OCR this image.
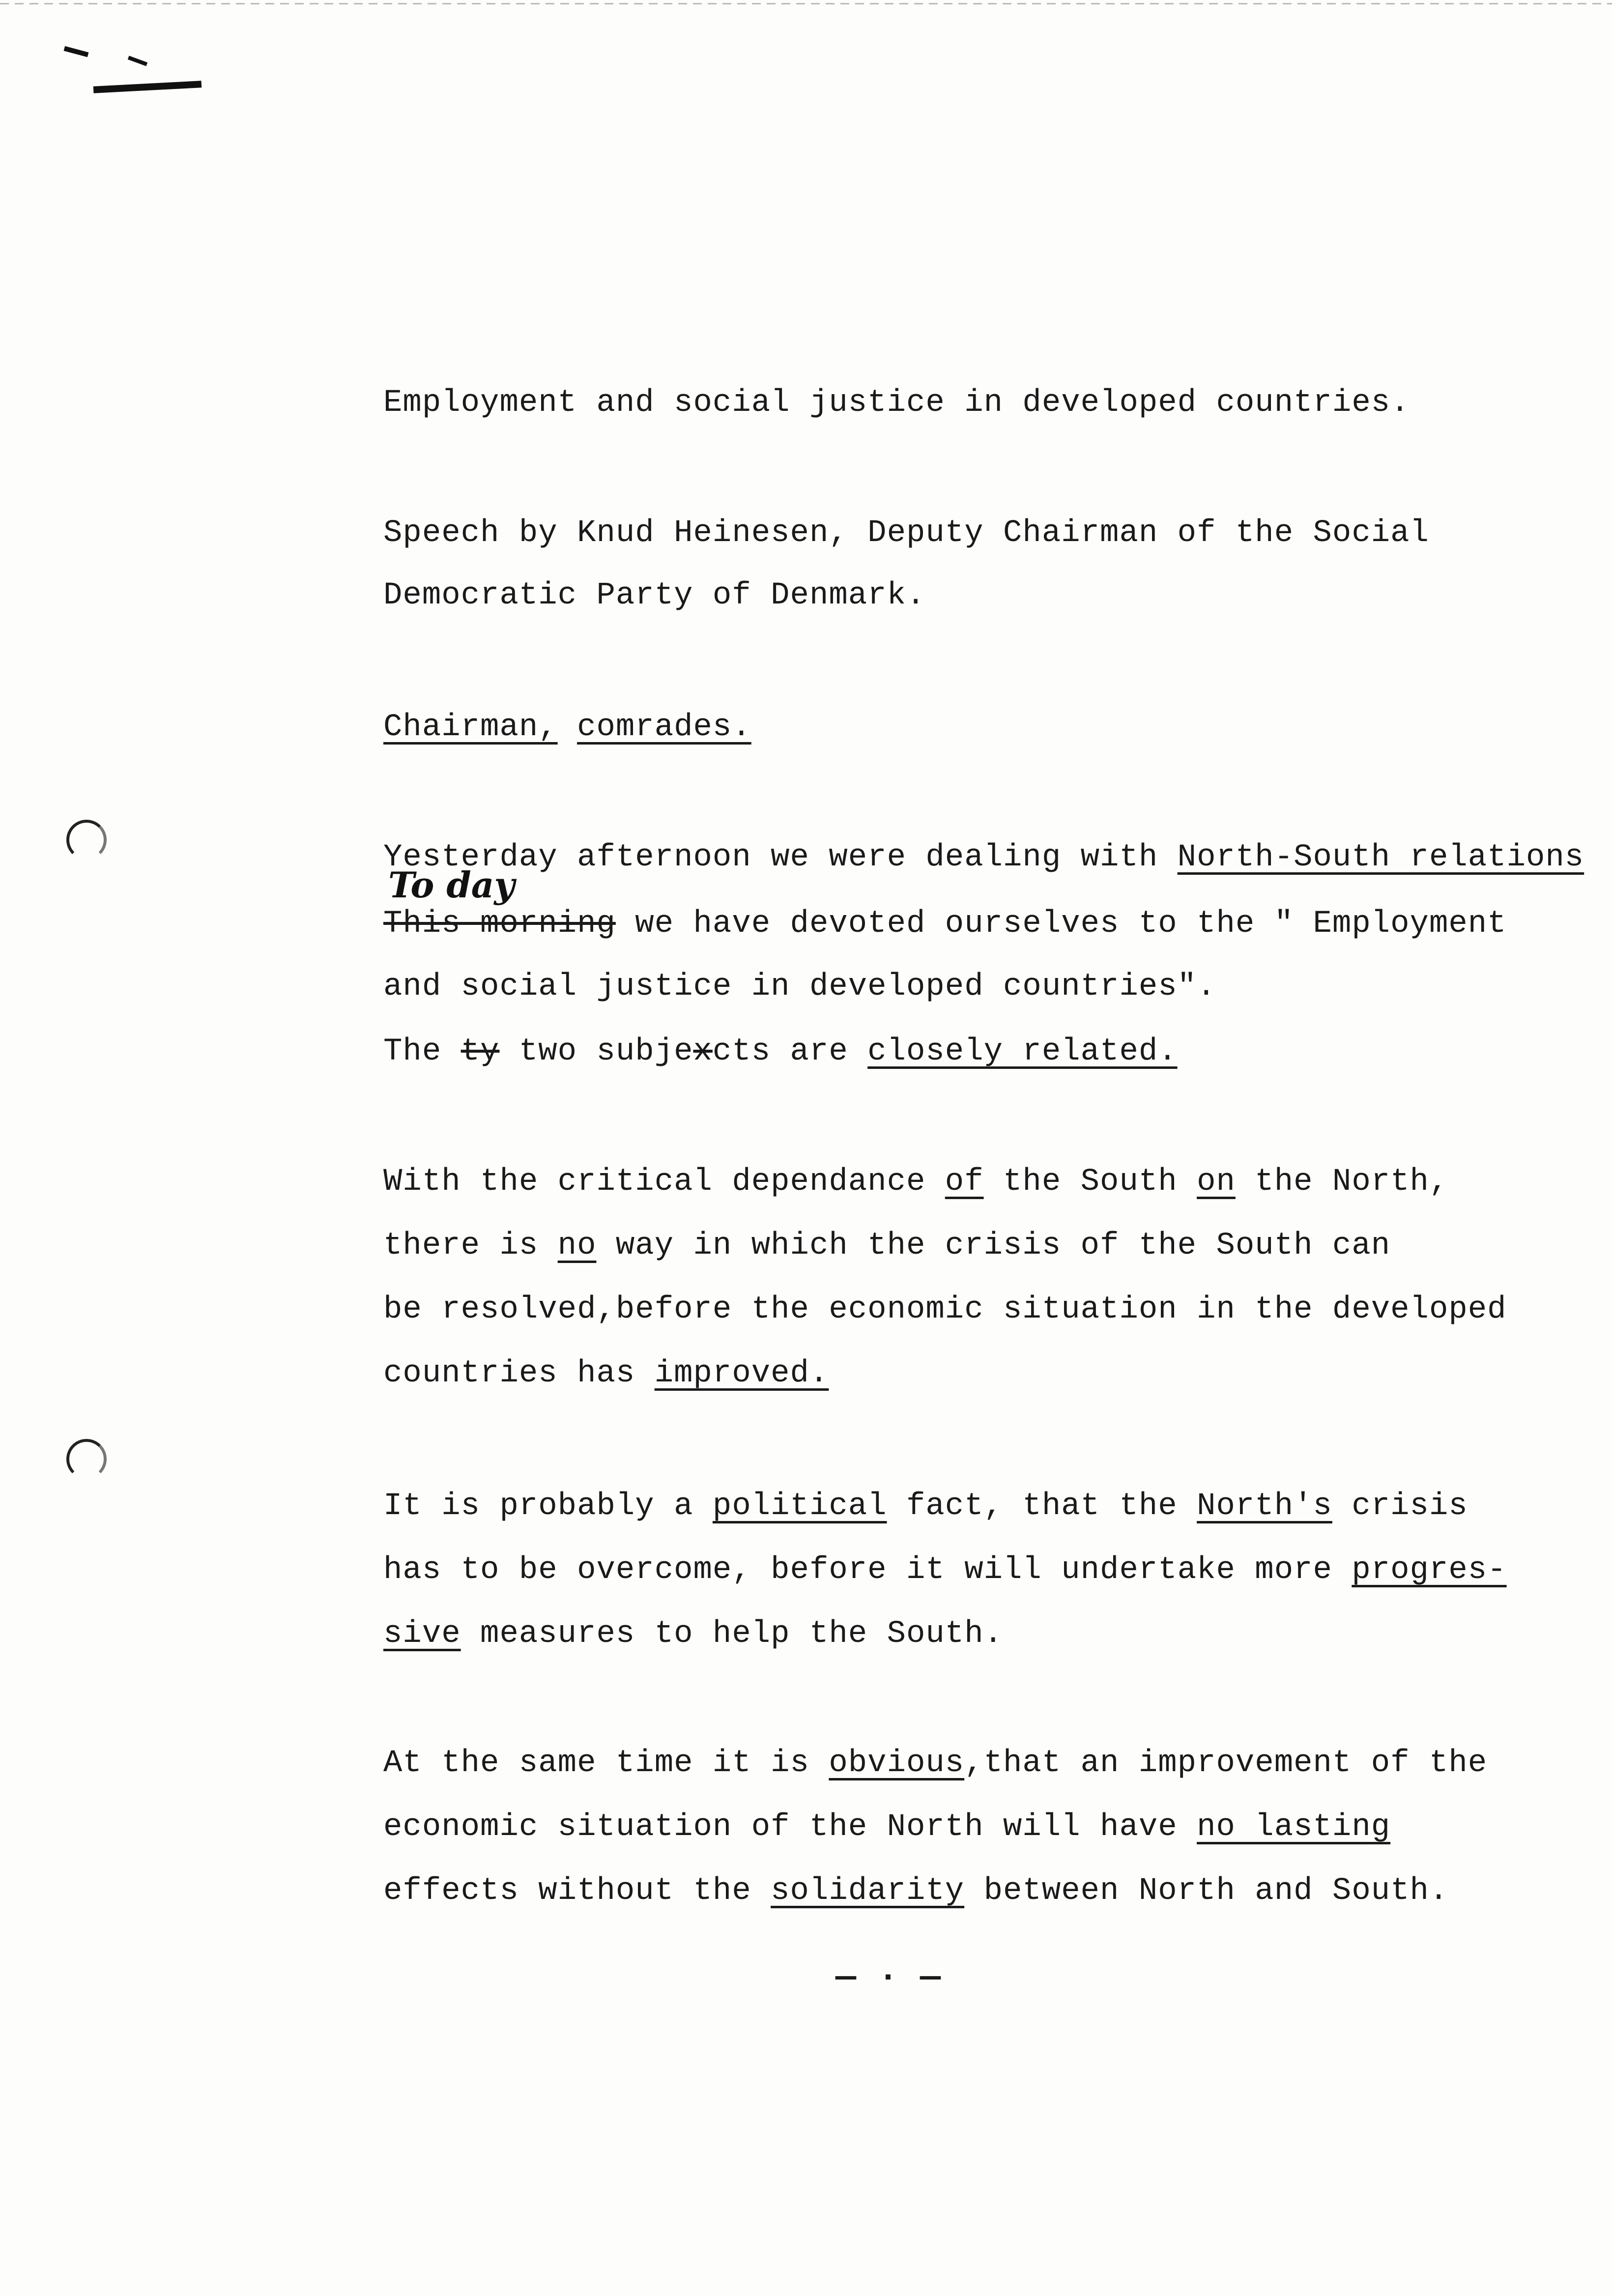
Employment and social justice in developed countries.
Speech by Knud Heinesen, Deputy Chairman of the Social
Democratic Party of Denmark.
Chairman, comrades.
Yesterday afternoon we were dealing with North-South relations
To day
This morning we have devoted ourselves to the " Employment
and social justice in developed countries".
The ty two subjexcts are closely related.
With the critical dependance of the South on the North,
there is no way in which the crisis of the South can
be resolved,before the economic situation in the developed
countries has improved.
It is probably a political fact, that the North's crisis
has to be overcome, before it will undertake more progres-
sive measures to help the South.
At the same time it is obvious,that an improvement of the
economic situation of the North will have no lasting
effects without the solidarity between North and South.
— · —
